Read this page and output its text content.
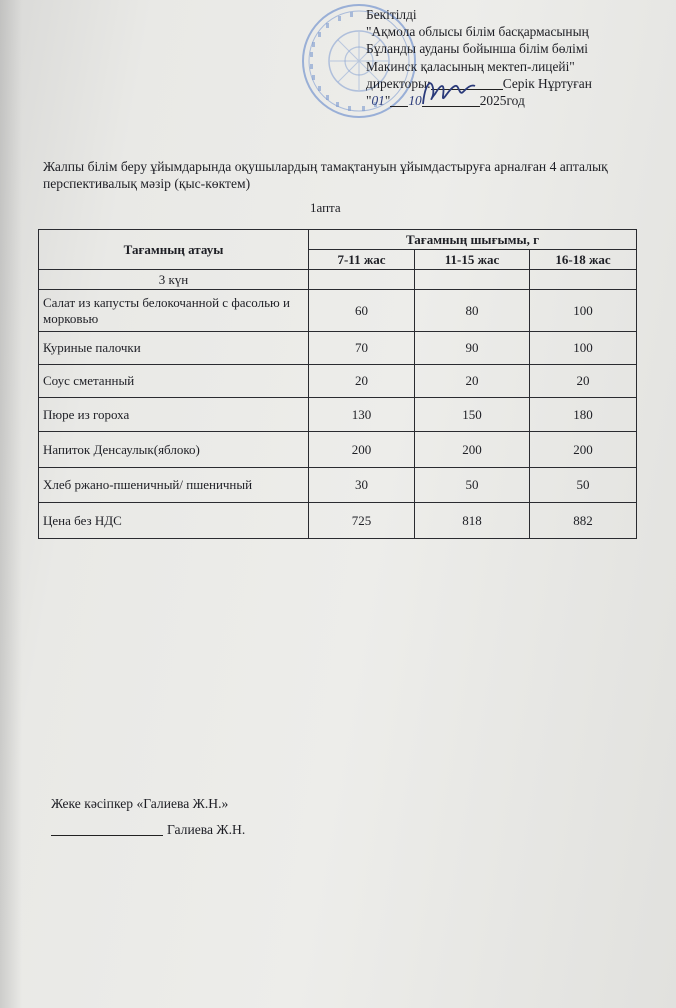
Бекітілді
"Ақмола облысы білім басқармасының
Бұланды ауданы бойынша білім бөлімі
Макинск қаласының мектеп-лицейі"
директоры:	Серік Нұртуған
"01" 10	2025год
Жалпы білім беру ұйымдарында оқушылардың тамақтануын ұйымдастыруға арналған 4 апталық перспективалық мәзір (қыс-көктем)
1апта
Тағамның атауы	Тағамның шығымы, г		
	7-11 жас	11-15 жас	16-18 жас
3 күн			
Салат из капусты белокочанной с фасолью и морковью	60	80	100
Куриные палочки	70	90	100
Соус сметанный	20	20	20
Пюре из гороха	130	150	180
Напиток Денсаулык(яблоко)	200	200	200
Хлеб ржано-пшеничный/ пшеничный	30	50	50
Цена без НДС	725	818	882
Жеке кәсіпкер «Галиева Ж.Н.»
Галиева Ж.Н.
